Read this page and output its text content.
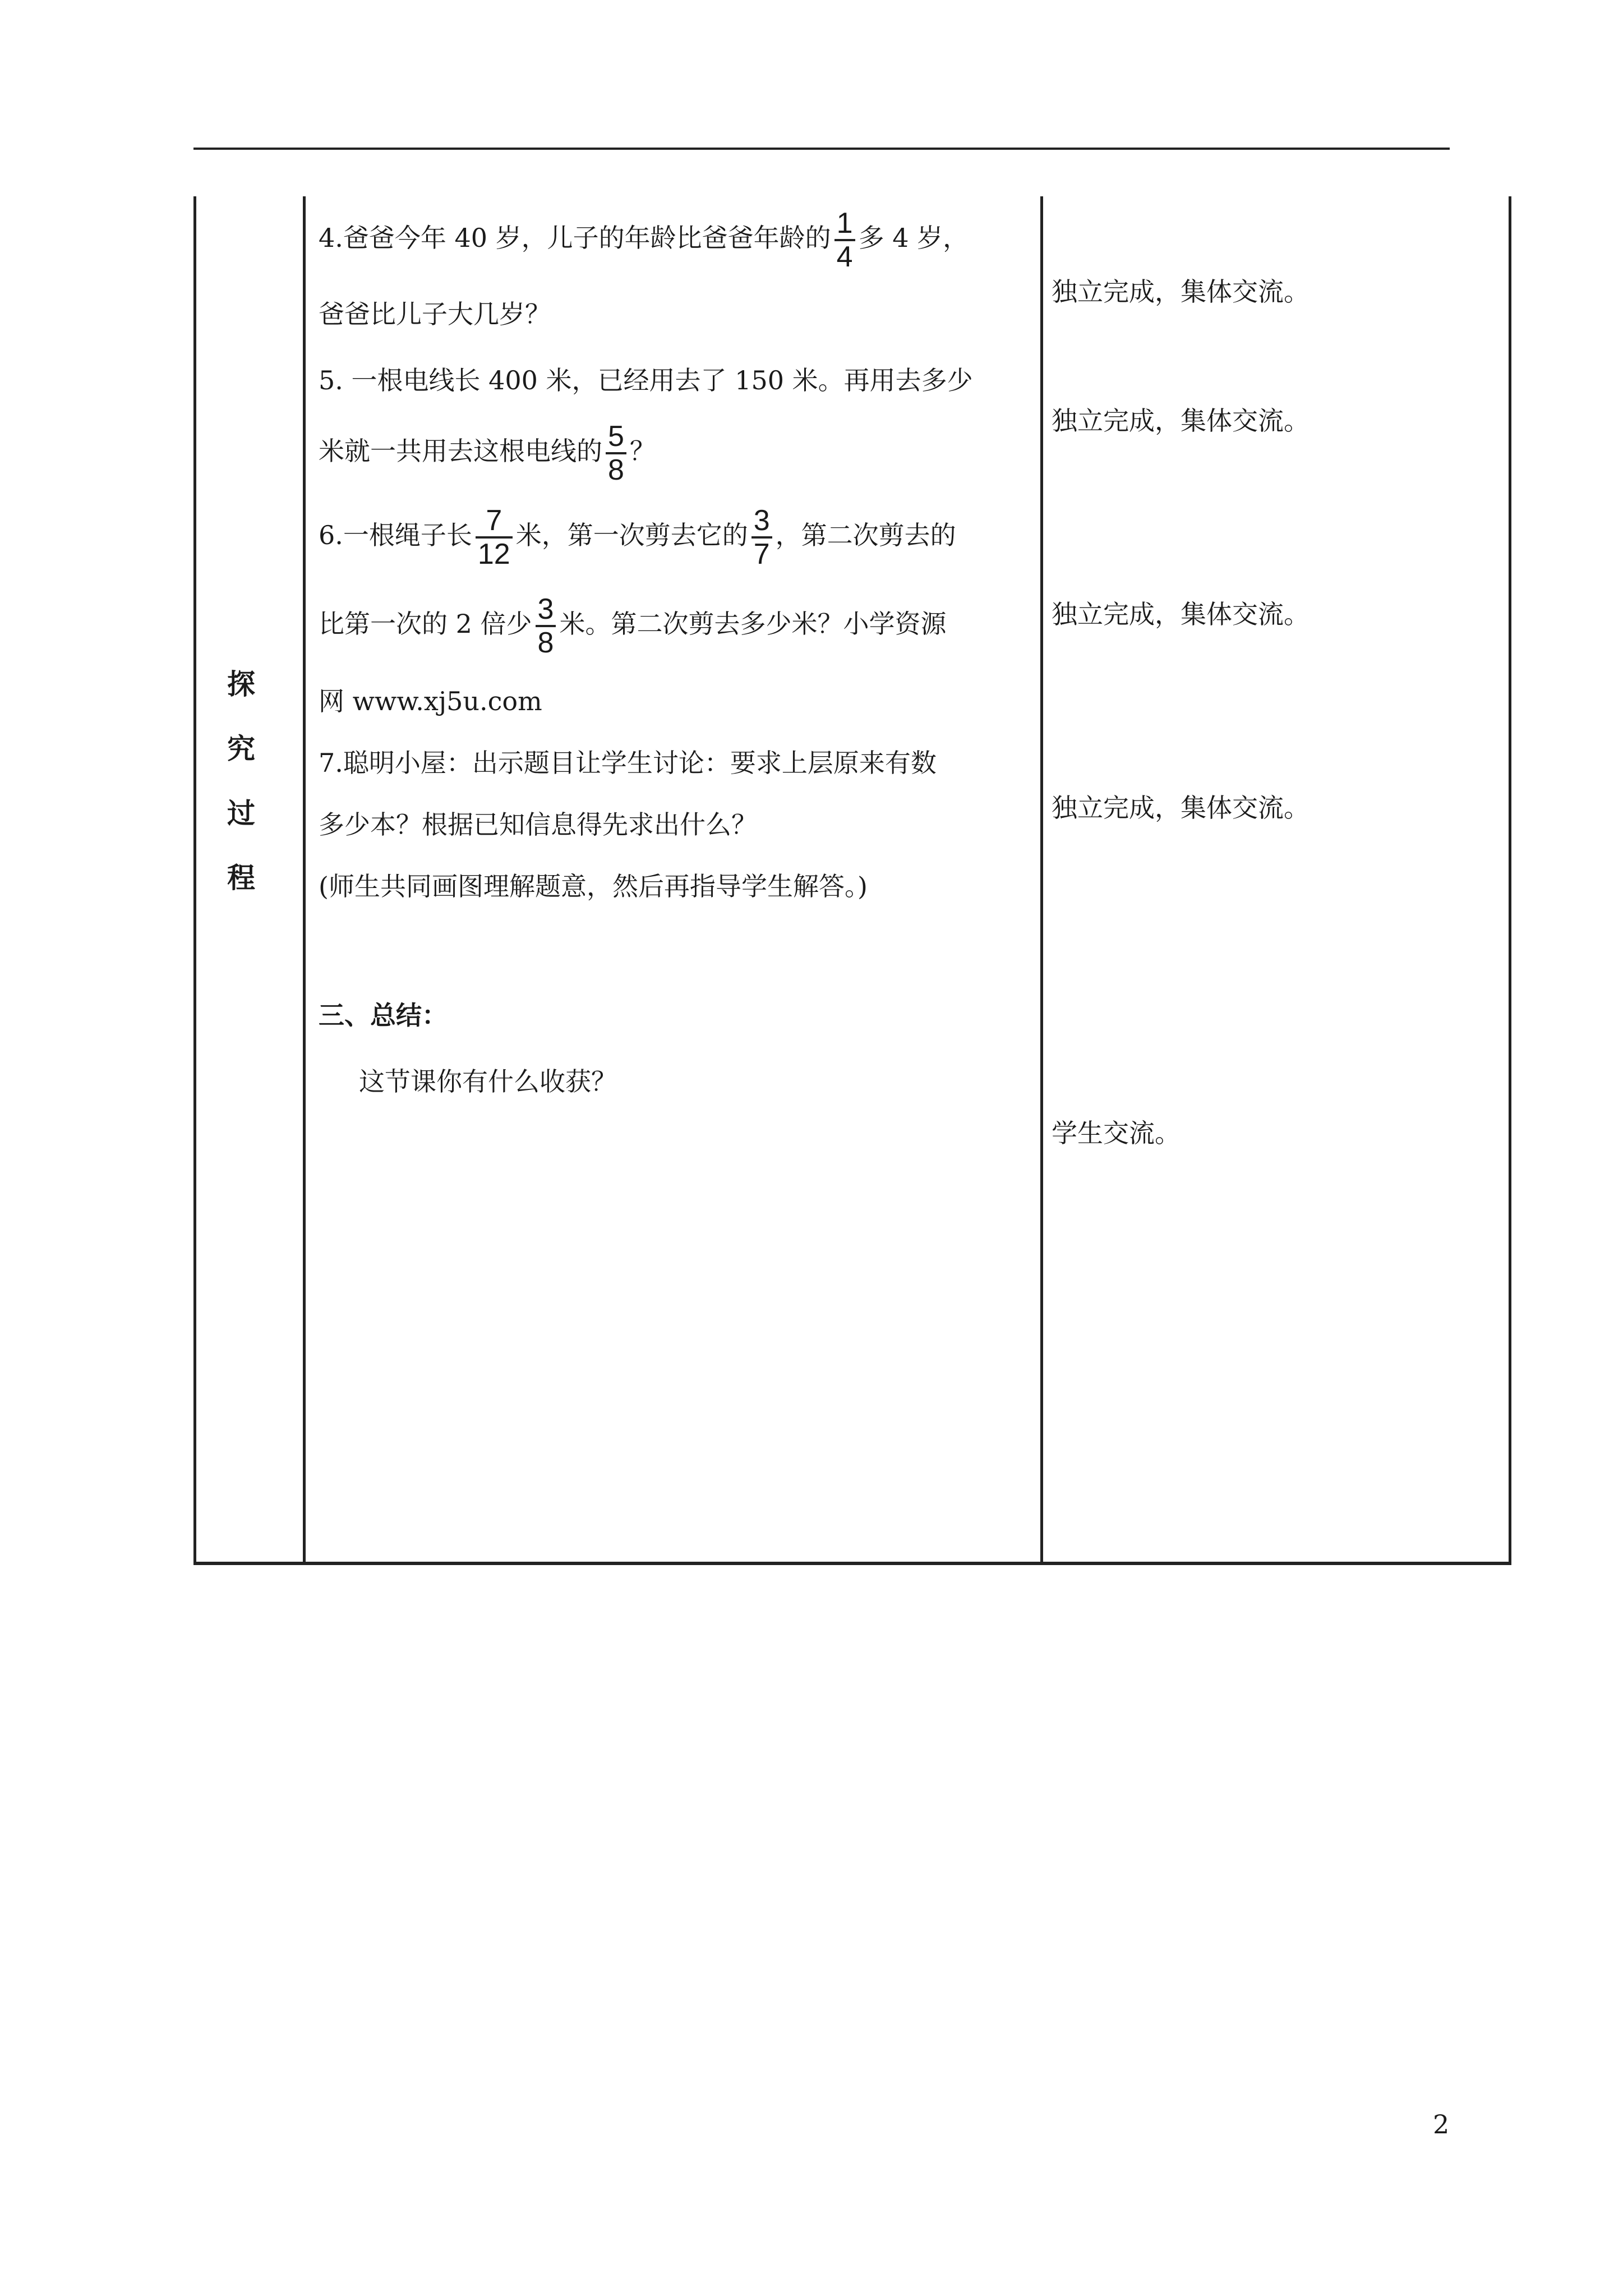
探
究
过
程
4.爸爸今年 40 岁，儿子的年龄比爸爸年龄的 $\frac{1}{4}$ 多 4 岁，
爸爸比儿子大几岁？
5. 一根电线长 400 米，已经用去了 150 米。再用去多少
米就一共用去这根电线的 $\frac{5}{8}$ ？
6.一根绳子长 $\frac{7}{12}$ 米，第一次剪去它的 $\frac{3}{7}$ ，第二次剪去的
比第一次的 2 倍少 $\frac{3}{8}$ 米。第二次剪去多少米？小学资源
网 www.xj5u.com
7.聪明小屋：出示题目让学生讨论：要求上层原来有数
多少本？根据已知信息得先求出什么？
(师生共同画图理解题意，然后再指导学生解答。)
三、总结：
这节课你有什么收获？
独立完成，集体交流。
独立完成，集体交流。
独立完成，集体交流。
独立完成，集体交流。
学生交流。
2
